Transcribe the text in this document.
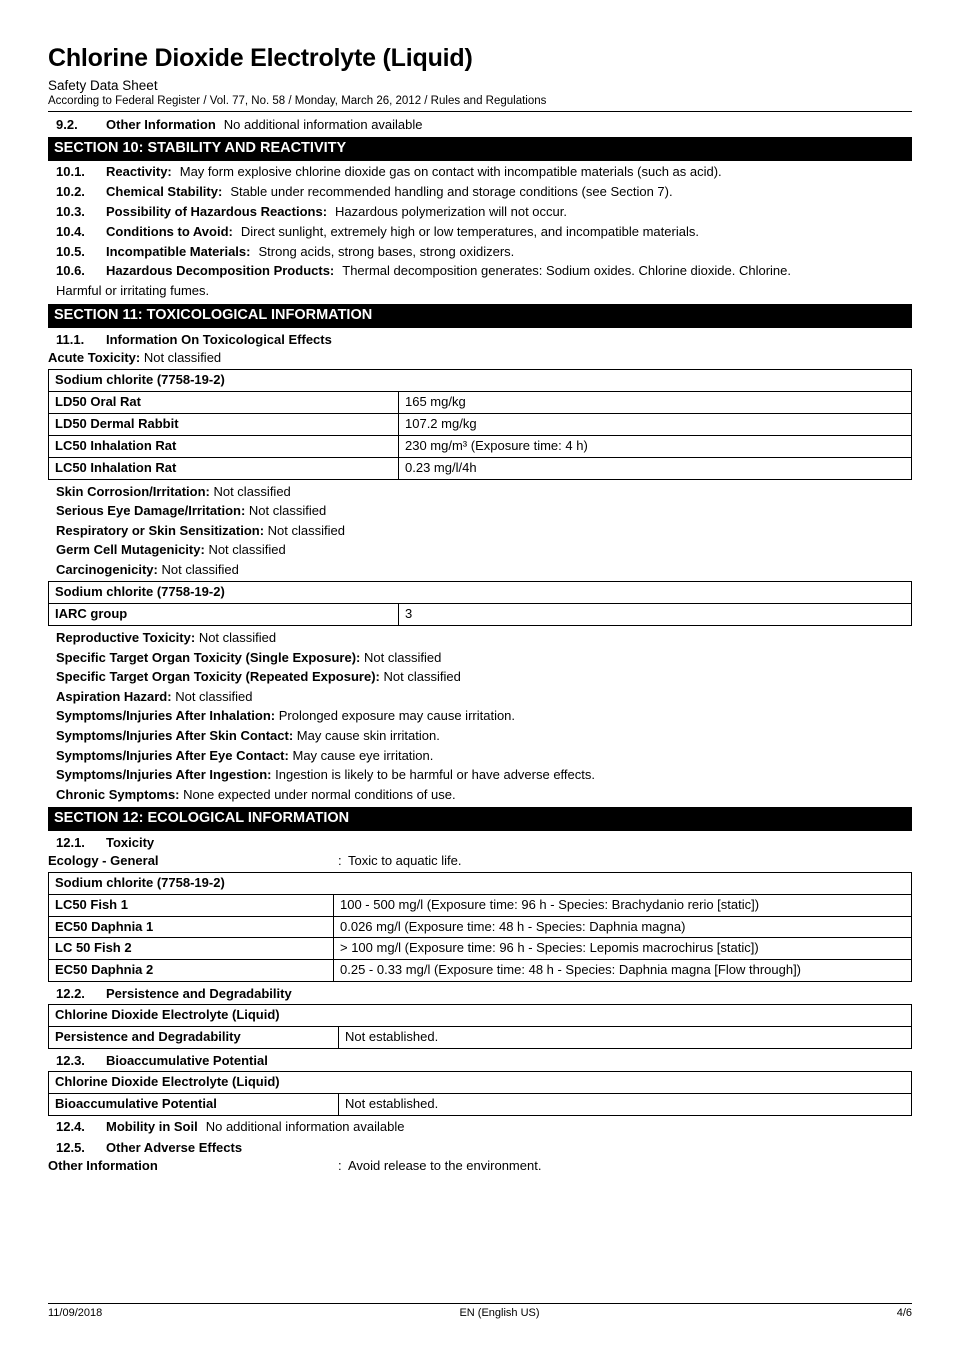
Chlorine Dioxide Electrolyte (Liquid)
Safety Data Sheet
According to Federal Register / Vol. 77, No. 58 / Monday, March 26, 2012 / Rules and Regulations
9.2.	Other Information No additional information available
SECTION 10: STABILITY AND REACTIVITY
10.1.	Reactivity: May form explosive chlorine dioxide gas on contact with incompatible materials (such as acid).
10.2.	Chemical Stability: Stable under recommended handling and storage conditions (see Section 7).
10.3.	Possibility of Hazardous Reactions: Hazardous polymerization will not occur.
10.4.	Conditions to Avoid: Direct sunlight, extremely high or low temperatures, and incompatible materials.
10.5.	Incompatible Materials: Strong acids, strong bases, strong oxidizers.
10.6.	Hazardous Decomposition Products: Thermal decomposition generates: Sodium oxides. Chlorine dioxide. Chlorine.
Harmful or irritating fumes.
SECTION 11: TOXICOLOGICAL INFORMATION
11.1.	Information On Toxicological Effects
Acute Toxicity: Not classified
Sodium chlorite (7758-19-2)	
LD50 Oral Rat	165 mg/kg
LD50 Dermal Rabbit	107.2 mg/kg
LC50 Inhalation Rat	230 mg/m³ (Exposure time: 4 h)
LC50 Inhalation Rat	0.23 mg/l/4h
Skin Corrosion/Irritation: Not classified
Serious Eye Damage/Irritation: Not classified
Respiratory or Skin Sensitization: Not classified
Germ Cell Mutagenicity: Not classified
Carcinogenicity: Not classified
Sodium chlorite (7758-19-2)
IARC group	3
Reproductive Toxicity: Not classified
Specific Target Organ Toxicity (Single Exposure): Not classified
Specific Target Organ Toxicity (Repeated Exposure): Not classified
Aspiration Hazard: Not classified
Symptoms/Injuries After Inhalation: Prolonged exposure may cause irritation.
Symptoms/Injuries After Skin Contact: May cause skin irritation.
Symptoms/Injuries After Eye Contact: May cause eye irritation.
Symptoms/Injuries After Ingestion: Ingestion is likely to be harmful or have adverse effects.
Chronic Symptoms: None expected under normal conditions of use.
SECTION 12: ECOLOGICAL INFORMATION
12.1.	Toxicity
Ecology - General	: Toxic to aquatic life.
Sodium chlorite (7758-19-2)	
LC50 Fish 1	100 - 500 mg/l (Exposure time: 96 h - Species: Brachydanio rerio [static])
EC50 Daphnia 1	0.026 mg/l (Exposure time: 48 h - Species: Daphnia magna)
LC 50 Fish 2	> 100 mg/l (Exposure time: 96 h - Species: Lepomis macrochirus [static])
EC50 Daphnia 2	0.25 - 0.33 mg/l (Exposure time: 48 h - Species: Daphnia magna [Flow through])
12.2.	Persistence and Degradability
Chlorine Dioxide Electrolyte (Liquid)
Persistence and Degradability	Not established.
12.3.	Bioaccumulative Potential
Chlorine Dioxide Electrolyte (Liquid)
Bioaccumulative Potential	Not established.
12.4.	Mobility in Soil No additional information available
12.5.	Other Adverse Effects
Other Information	: Avoid release to the environment.
11/09/2018	EN (English US)	4/6
